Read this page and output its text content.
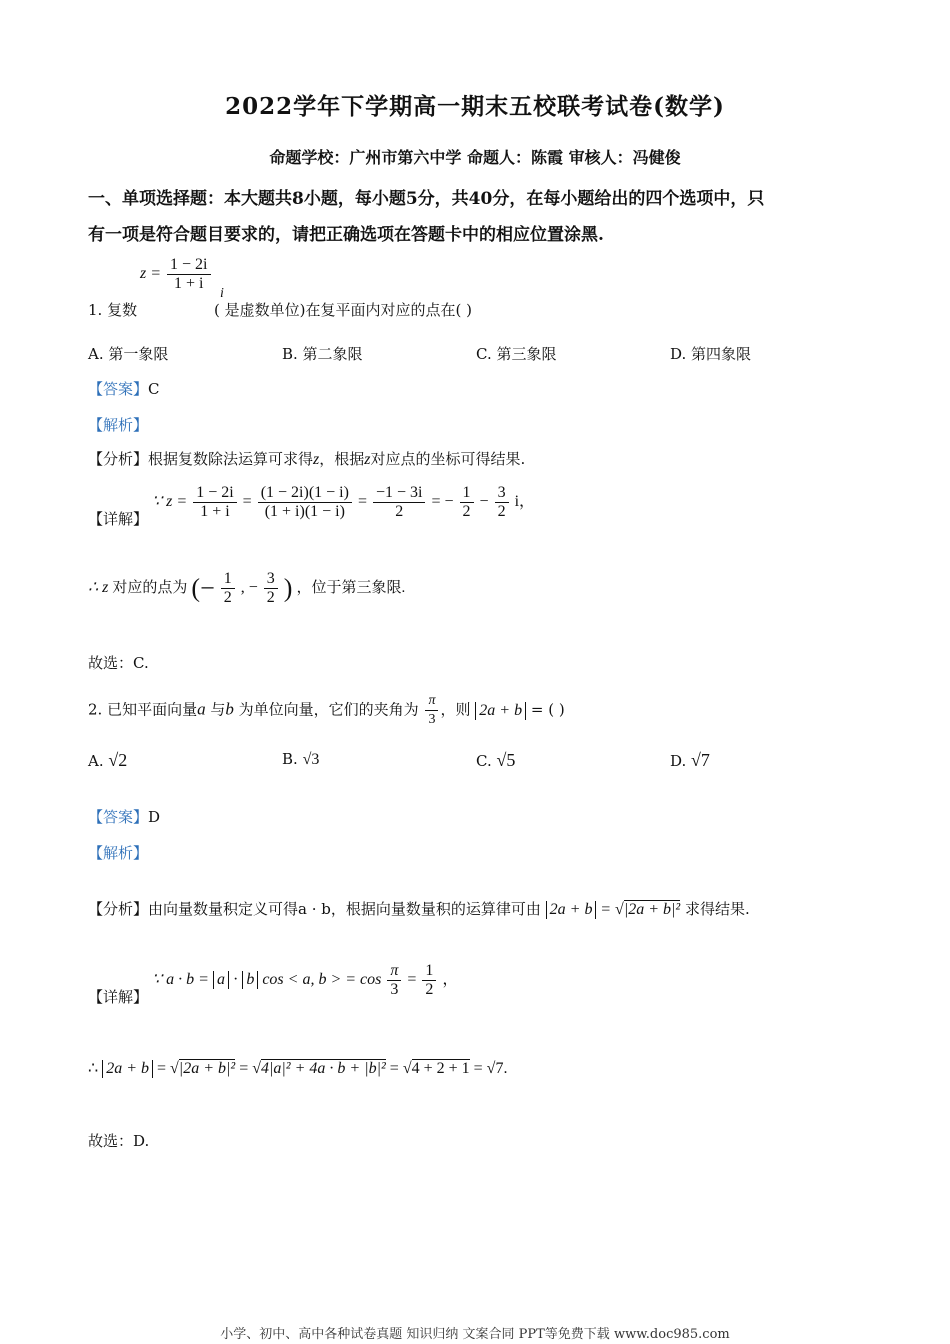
2022学年下学期高一期末五校联考试卷(数学)
命题学校：广州市第六中学 命题人：陈霞 审核人：冯健俊
一、单项选择题：本大题共8小题，每小题5分，共40分，在每小题给出的四个选项中，只
有一项是符合题目要求的，请把正确选项在答题卡中的相应位置涂黑.
$z = \frac{1 - 2i}{1 + i}$
i
1. 复数	( 是虚数单位)在复平面内对应的点在( )
A. 第一象限	B. 第二象限	C. 第三象限	D. 第四象限
【答案】C
【解析】
【分析】根据复数除法运算可求得z，根据z对应点的坐标可得结果.
【详解】
∵ $z = \frac{1 - 2i}{1 + i} = \frac{(1 - 2i)(1 - i)}{(1 + i)(1 - i)} = \frac{-1 - 3i}{2}$ = − $\frac{1}{2} - \frac{3}{2}$ i，
∴ z 对应的点为 (− $\frac{1}{2}$ , − $\frac{3}{2}$ ) ，位于第三象限.
故选：C.
2. 已知平面向量a 与b 为单位向量，它们的夹角为 $\frac{\pi}{3}$ ，则 2a + b = ( )
A. √2	B. √3	C. √5	D. √7
【答案】D
【解析】
【分析】由向量数量积定义可得a · b，根据向量数量积的运算律可由 2a + b = √|2a + b|² 求得结果.
【详解】
∵ a · b = a · b cos < a, b > = $\cos \frac{\pi}{3} = \frac{1}{2}$ ，
∴ 2a + b = √|2a + b|² = √4|a|² + 4a · b + |b|² = √4 + 2 + 1 = √7.
故选：D.
小学、初中、高中各种试卷真题 知识归纳 文案合同 PPT等免费下载 www.doc985.com
